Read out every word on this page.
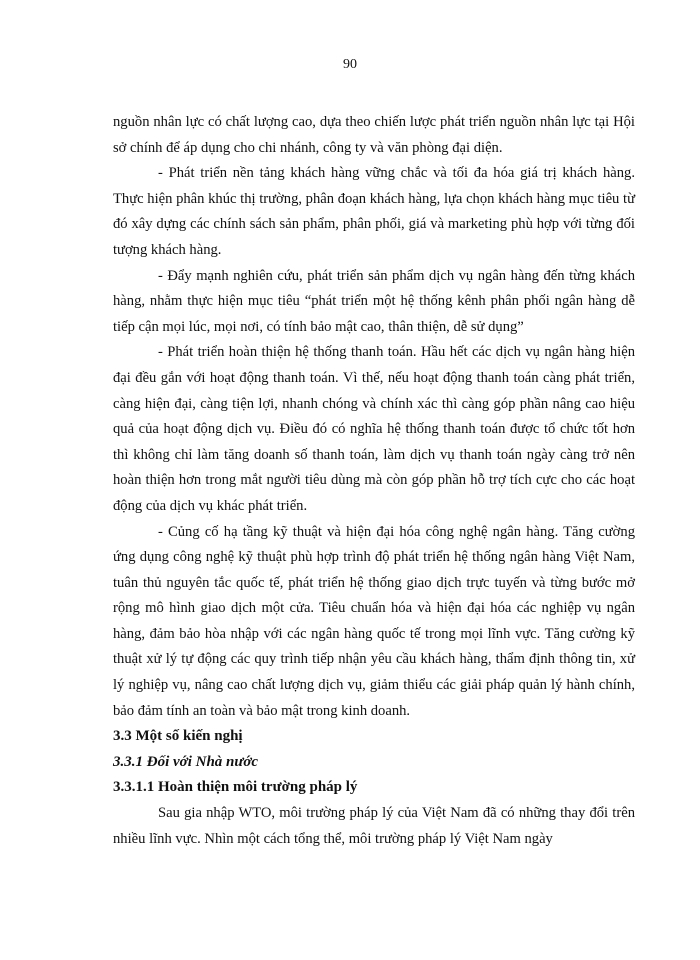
90

nguồn nhân lực có chất lượng cao, dựa theo chiến lược phát triển nguồn nhân lực tại Hội sở chính để áp dụng cho chi nhánh, công ty và văn phòng đại diện.

- Phát triển nền tảng khách hàng vững chắc và tối đa hóa giá trị khách hàng. Thực hiện phân khúc thị trường, phân đoạn khách hàng, lựa chọn khách hàng mục tiêu từ đó xây dựng các chính sách sản phẩm, phân phối, giá và marketing phù hợp với từng đối tượng khách hàng.

- Đẩy mạnh nghiên cứu, phát triển sản phẩm dịch vụ ngân hàng đến từng khách hàng, nhằm thực hiện mục tiêu “phát triển một hệ thống kênh phân phối ngân hàng dễ tiếp cận mọi lúc, mọi nơi, có tính bảo mật cao, thân thiện, dễ sử dụng”

- Phát triển hoàn thiện hệ thống thanh toán. Hầu hết các dịch vụ ngân hàng hiện đại đều gắn với hoạt động thanh toán. Vì thế, nếu hoạt động thanh toán càng phát triển, càng hiện đại, càng tiện lợi, nhanh chóng và chính xác thì càng góp phần nâng cao hiệu quả của hoạt động dịch vụ. Điều đó có nghĩa hệ thống thanh toán được tổ chức tốt hơn thì không chỉ làm tăng doanh số thanh toán, làm dịch vụ thanh toán ngày càng trở nên hoàn thiện hơn trong mắt người tiêu dùng mà còn góp phần hỗ trợ tích cực cho các hoạt động của dịch vụ khác phát triển.

- Củng cố hạ tầng kỹ thuật và hiện đại hóa công nghệ ngân hàng. Tăng cường ứng dụng công nghệ kỹ thuật phù hợp trình độ phát triển hệ thống ngân hàng Việt Nam, tuân thủ nguyên tắc quốc tế, phát triển hệ thống giao dịch trực tuyến và từng bước mở rộng mô hình giao dịch một cửa. Tiêu chuẩn hóa và hiện đại hóa các nghiệp vụ ngân hàng, đảm bảo hòa nhập với các ngân hàng quốc tế trong mọi lĩnh vực. Tăng cường kỹ thuật xử lý tự động các quy trình tiếp nhận yêu cầu khách hàng, thẩm định thông tin, xử lý nghiệp vụ, nâng cao chất lượng dịch vụ, giảm thiểu các giải pháp quản lý hành chính, bảo đảm tính an toàn và bảo mật trong kinh doanh.

3.3 Một số kiến nghị
3.3.1 Đối với Nhà nước
3.3.1.1 Hoàn thiện môi trường pháp lý

Sau gia nhập WTO, môi trường pháp lý của Việt Nam đã có những thay đổi trên nhiều lĩnh vực. Nhìn một cách tổng thể, môi trường pháp lý Việt Nam ngày
